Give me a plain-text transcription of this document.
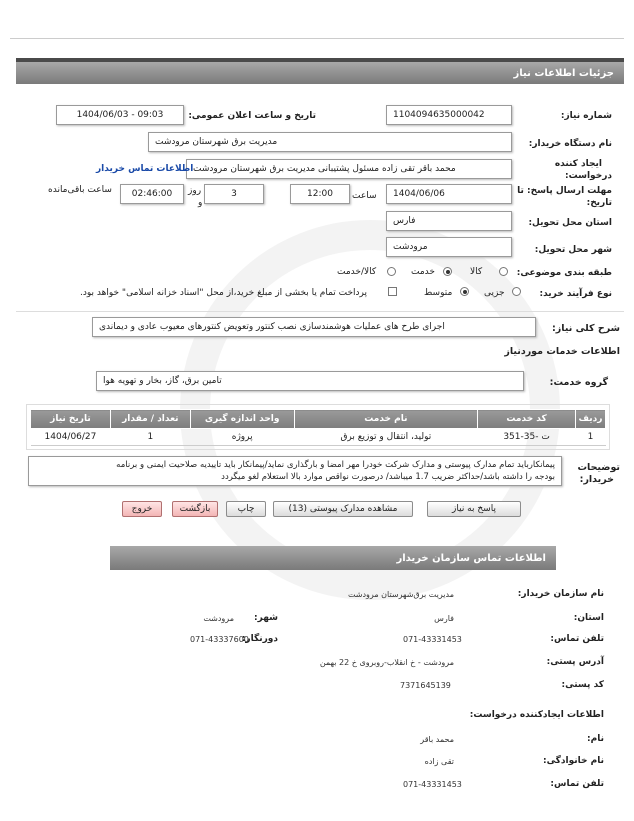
جزئیات اطلاعات نیاز
شماره نیاز:
1104094635000042
تاریخ و ساعت اعلان عمومی:
1404/06/03 - 09:03
نام دستگاه خریدار:
مدیریت برق شهرستان مرودشت
ایجاد کننده
درخواست:
محمد باقر تقی زاده مسئول پشتیبانی مدیریت برق شهرستان مرودشت
اطلاعات تماس خریدار
مهلت ارسال پاسخ: تا
تاریخ:
1404/06/06
ساعت
12:00
3
روز
و
02:46:00
ساعت باقی‌مانده
استان محل تحویل:
فارس
شهر محل تحویل:
مرودشت
طبقه بندی موضوعی:
کالا
خدمت
کالا/خدمت
نوع فرآیند خرید:
جزیی
متوسط
پرداخت تمام یا بخشی از مبلغ خرید،از محل "اسناد خزانه اسلامی" خواهد بود.
شرح کلی نیاز:
اجرای طرح های عملیات هوشمندسازی نصب کنتور وتعویض کنتورهای معیوب عادی و دیماندی
اطلاعات خدمات مورد‌نیاز
گروه خدمت:
تامین برق، گاز، بخار و تهویه هوا
تاریخ نیاز	تعداد / مقدار	واحد اندازه گیری	نام خدمت	کد خدمت	ردیف
1404/06/27	1	پروژه	تولید، انتقال و توزیع برق	ت -35-351	1
توضیحات
خریدار:
پیمانکارباید تمام مدارک پیوستی و مدارک شرکت خودرا مهر امضا و بارگذاری نماید/پیمانکار باید تاییدیه صلاحیت ایمنی و برنامه
بودجه را داشته باشد/حداکثر ضریب 1.7 میباشد/ درصورت نواقص موارد بالا استعلام لغو میگردد
پاسخ به نیاز
مشاهده مدارک پیوستی (13)
چاپ
بازگشت
خروج
اطلاعات تماس سازمان خریدار
نام سازمان خریدار:
مدیریت برق‌شهرستان مرودشت
استان:
فارس
شهر:
مرودشت
تلفن تماس:
071-43331453
دورنگار:
071-43337600
آدرس پستی:
مرودشت - خ انقلاب-روبروی خ 22 بهمن
کد پستی:
7371645139
اطلاعات ایجادکننده درخواست:
نام:
محمد باقر
نام خانوادگی:
تقی زاده
تلفن تماس:
071-43331453
